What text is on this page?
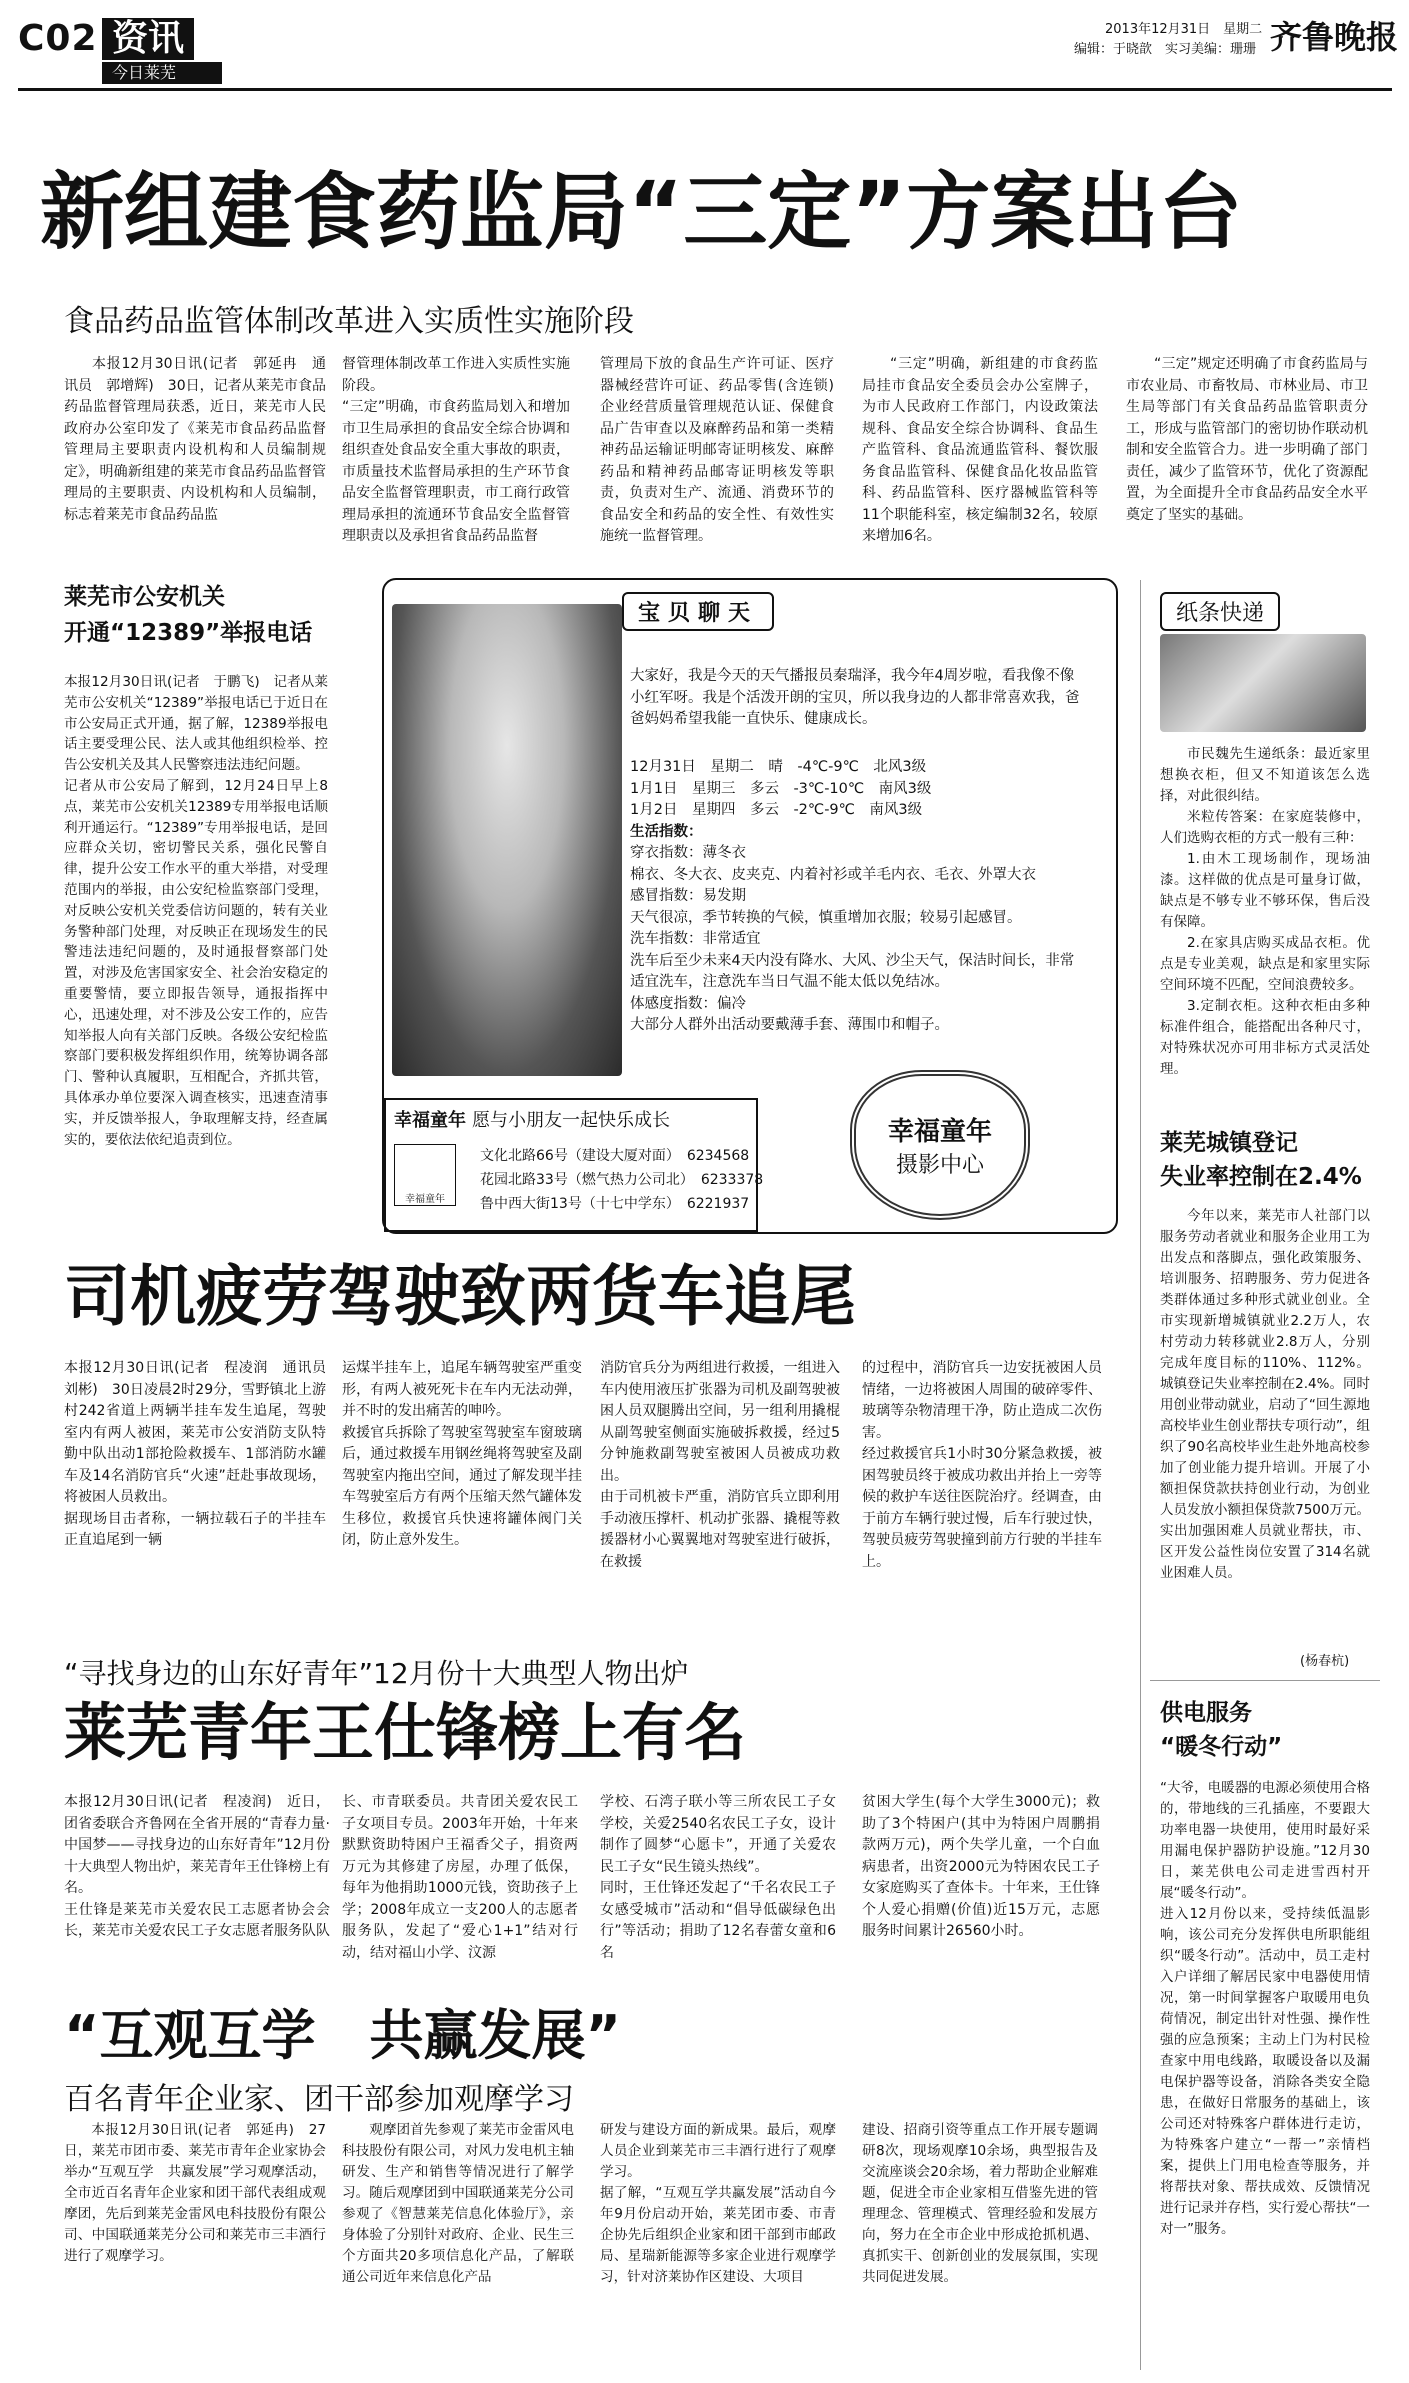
C02 资讯
今日莱芜
2013年12月31日　星期二
编辑：于晓歆　实习美编：珊珊 齐鲁晚报
新组建食药监局“三定”方案出台
食品药品监管体制改革进入实质性实施阶段

本报12月30日讯(记者　郭延冉　通讯员　郭增辉)　30日，记者从莱芜市食品药品监督管理局获悉，近日，莱芜市人民政府办公室印发了《莱芜市食品药品监督管理局主要职责内设机构和人员编制规定》，明确新组建的莱芜市食品药品监督管理局的主要职责、内设机构和人员编制，标志着莱芜市食品药品监

督管理体制改革工作进入实质性实施阶段。
“三定”明确，市食药监局划入和增加市卫生局承担的食品安全综合协调和组织查处食品安全重大事故的职责，市质量技术监督局承担的生产环节食品安全监督管理职责，市工商行政管理局承担的流通环节食品安全监督管理职责以及承担省食品药品监督

管理局下放的食品生产许可证、医疗器械经营许可证、药品零售(含连锁)企业经营质量管理规范认证、保健食品广告审查以及麻醉药品和第一类精神药品运输证明邮寄证明核发、麻醉药品和精神药品邮寄证明核发等职责，负责对生产、流通、消费环节的食品安全和药品的安全性、有效性实施统一监督管理。

“三定”明确，新组建的市食药监局挂市食品安全委员会办公室牌子，为市人民政府工作部门，内设政策法规科、食品安全综合协调科、食品生产监管科、食品流通监管科、餐饮服务食品监管科、保健食品化妆品监管科、药品监管科、医疗器械监管科等11个职能科室，核定编制32名，较原来增加6名。

“三定”规定还明确了市食药监局与市农业局、市畜牧局、市林业局、市卫生局等部门有关食品药品监管职责分工，形成与监管部门的密切协作联动机制和安全监管合力。进一步明确了部门责任，减少了监管环节，优化了资源配置，为全面提升全市食品药品安全水平奠定了坚实的基础。

莱芜市公安机关
开通“12389”举报电话
本报12月30日讯(记者　于鹏飞)　记者从莱芜市公安机关“12389”举报电话已于近日在市公安局正式开通，据了解，12389举报电话主要受理公民、法人或其他组织检举、控告公安机关及其人民警察违法违纪问题。
记者从市公安局了解到，12月24日早上8点，莱芜市公安机关12389专用举报电话顺利开通运行。“12389”专用举报电话，是回应群众关切，密切警民关系，强化民警自律，提升公安工作水平的重大举措，对受理范围内的举报，由公安纪检监察部门受理，对反映公安机关党委信访问题的，转有关业务警种部门处理，对反映正在现场发生的民警违法违纪问题的，及时通报督察部门处置，对涉及危害国家安全、社会治安稳定的重要警情，要立即报告领导，通报指挥中心，迅速处理，对不涉及公安工作的，应告知举报人向有关部门反映。各级公安纪检监察部门要积极发挥组织作用，统筹协调各部门、警种认真履职，互相配合，齐抓共管，具体承办单位要深入调查核实，迅速查清事实，并反馈举报人，争取理解支持，经查属实的，要依法依纪追责到位。
宝贝聊天
大家好，我是今天的天气播报员秦瑞泽，我今年4周岁啦，看我像不像小红军呀。我是个活泼开朗的宝贝，所以我身边的人都非常喜欢我，爸爸妈妈希望我能一直快乐、健康成长。
12月31日　星期二　晴　-4℃-9℃　北风3级
1月1日　星期三　多云　-3℃-10℃　南风3级
1月2日　星期四　多云　-2℃-9℃　南风3级
生活指数：
穿衣指数：薄冬衣
棉衣、冬大衣、皮夹克、内着衬衫或羊毛内衣、毛衣、外罩大衣
感冒指数：易发期
天气很凉，季节转换的气候，慎重增加衣服；较易引起感冒。
洗车指数：非常适宜
洗车后至少未来4天内没有降水、大风、沙尘天气，保洁时间长，非常适宜洗车，注意洗车当日气温不能太低以免结冰。
体感度指数：偏冷
大部分人群外出活动要戴薄手套、薄围巾和帽子。
幸福童年 愿与小朋友一起快乐成长
幸福童年
文化北路66号（建设大厦对面）　6234568
花园北路33号（燃气热力公司北）　6233378
鲁中西大街13号（十七中学东）　6221937
幸福童年
摄影中心
司机疲劳驾驶致两货车追尾
本报12月30日讯(记者　程凌润　通讯员　刘彬)　30日凌晨2时29分，雪野镇北上游村242省道上两辆半挂车发生追尾，驾驶室内有两人被困，莱芜市公安消防支队特勤中队出动1部抢险救援车、1部消防水罐车及14名消防官兵“火速”赶赴事故现场，将被困人员救出。
据现场目击者称，一辆拉载石子的半挂车正直追尾到一辆
运煤半挂车上，追尾车辆驾驶室严重变形，有两人被死死卡在车内无法动弹，并不时的发出痛苦的呻吟。
救援官兵拆除了驾驶室驾驶室车窗玻璃后，通过救援车用钢丝绳将驾驶室及副驾驶室内拖出空间，通过了解发现半挂车驾驶室后方有两个压缩天然气罐体发生移位，救援官兵快速将罐体阀门关闭，防止意外发生。
消防官兵分为两组进行救援，一组进入车内使用液压扩张器为司机及副驾驶被困人员双腿腾出空间，另一组利用撬棍从副驾驶室侧面实施破拆救援，经过5分钟施救副驾驶室被困人员被成功救出。
由于司机被卡严重，消防官兵立即利用手动液压撑杆、机动扩张器、撬棍等救援器材小心翼翼地对驾驶室进行破拆，在救援
的过程中，消防官兵一边安抚被困人员情绪，一边将被困人周围的破碎零件、玻璃等杂物清理干净，防止造成二次伤害。
经过救援官兵1小时30分紧急救援，被困驾驶员终于被成功救出并抬上一旁等候的救护车送往医院治疗。经调查，由于前方车辆行驶过慢，后车行驶过快，驾驶员疲劳驾驶撞到前方行驶的半挂车上。
“寻找身边的山东好青年”12月份十大典型人物出炉
莱芜青年王仕锋榜上有名
本报12月30日讯(记者　程凌润)　近日，团省委联合齐鲁网在全省开展的“青春力量·中国梦——寻找身边的山东好青年”12月份十大典型人物出炉，莱芜青年王仕锋榜上有名。
王仕锋是莱芜市关爱农民工志愿者协会会长，莱芜市关爱农民工子女志愿者服务队队
长、市青联委员。共青团关爱农民工子女项目专员。2003年开始，十年来默默资助特困户王福香父子，捐资两万元为其修建了房屋，办理了低保，每年为他捐助1000元钱，资助孩子上学；2008年成立一支200人的志愿者服务队，发起了“爱心1+1”结对行动，结对福山小学、汶源
学校、石湾子联小等三所农民工子女学校，关爱2540名农民工子女，设计制作了圆梦“心愿卡”，开通了关爱农民工子女“民生镜头热线”。
同时，王仕锋还发起了“千名农民工子女感受城市”活动和“倡导低碳绿色出行”等活动；捐助了12名春蕾女童和6名
贫困大学生(每个大学生3000元)；救助了3个特困户(其中为特困户周鹏捐款两万元)，两个失学儿童，一个白血病患者，出资2000元为特困农民工子女家庭购买了查体卡。十年来，王仕锋个人爱心捐赠(价值)近15万元，志愿服务时间累计26560小时。
“互观互学　共赢发展”
百名青年企业家、团干部参加观摩学习

本报12月30日讯(记者　郭延冉)　27日，莱芜市团市委、莱芜市青年企业家协会举办“互观互学　共赢发展”学习观摩活动，全市近百名青年企业家和团干部代表组成观摩团，先后到莱芜金雷风电科技股份有限公司、中国联通莱芜分公司和莱芜市三丰酒行进行了观摩学习。

观摩团首先参观了莱芜市金雷风电科技股份有限公司，对风力发电机主轴研发、生产和销售等情况进行了解学习。随后观摩团到中国联通莱芜分公司参观了《智慧莱芜信息化体验厅》，亲身体验了分别针对政府、企业、民生三个方面共20多项信息化产品，了解联通公司近年来信息化产品

研发与建设方面的新成果。最后，观摩人员企业到莱芜市三丰酒行进行了观摩学习。
据了解，“互观互学共赢发展”活动自今年9月份启动开始，莱芜团市委、市青企协先后组织企业家和团干部到市邮政局、星瑞新能源等多家企业进行观摩学习，针对济莱协作区建设、大项目

建设、招商引资等重点工作开展专题调研8次，现场观摩10余场，典型报告及交流座谈会20余场，着力帮助企业解难题，促进全市企业家相互借鉴先进的管理理念、管理模式、管理经验和发展方向，努力在全市企业中形成抢抓机遇、真抓实干、创新创业的发展氛围，实现共同促进发展。

纸条快递

市民魏先生递纸条：最近家里想换衣柜，但又不知道该怎么选择，对此很纠结。

米粒传答案：在家庭装修中，人们选购衣柜的方式一般有三种：

1.由木工现场制作，现场油漆。这样做的优点是可量身订做，缺点是不够专业不够环保，售后没有保障。

2.在家具店购买成品衣柜。优点是专业美观，缺点是和家里实际空间环境不匹配，空间浪费较多。

3.定制衣柜。这种衣柜由多种标准件组合，能搭配出各种尺寸，对特殊状况亦可用非标方式灵活处理。

莱芜城镇登记
失业率控制在2.4%

今年以来，莱芜市人社部门以服务劳动者就业和服务企业用工为出发点和落脚点，强化政策服务、培训服务、招聘服务、劳力促进各类群体通过多种形式就业创业。全市实现新增城镇就业2.2万人，农村劳动力转移就业2.8万人，分别完成年度目标的110%、112%。城镇登记失业率控制在2.4%。同时用创业带动就业，启动了“回生源地高校毕业生创业帮扶专项行动”，组织了90名高校毕业生赴外地高校参加了创业能力提升培训。开展了小额担保贷款扶持创业行动，为创业人员发放小额担保贷款7500万元。实出加强困难人员就业帮扶，市、区开发公益性岗位安置了314名就业困难人员。

(杨春杭)
供电服务
“暖冬行动”
“大爷，电暖器的电源必须使用合格的，带地线的三孔插座，不要跟大功率电器一块使用，使用时最好采用漏电保护器防护设施。”12月30日，莱芜供电公司走进雪西村开展“暖冬行动”。
进入12月份以来，受持续低温影响，该公司充分发挥供电所职能组织“暖冬行动”。活动中，员工走村入户详细了解居民家中电器使用情况，第一时间掌握客户取暖用电负荷情况，制定出针对性强、操作性强的应急预案；主动上门为村民检查家中用电线路，取暖设备以及漏电保护器等设备，消除各类安全隐患，在做好日常服务的基础上，该公司还对特殊客户群体进行走访，为特殊客户建立“一帮一”亲情档案，提供上门用电检查等服务，并将帮扶对象、帮扶成效、反馈情况进行记录并存档，实行爱心帮扶“一对一”服务。
